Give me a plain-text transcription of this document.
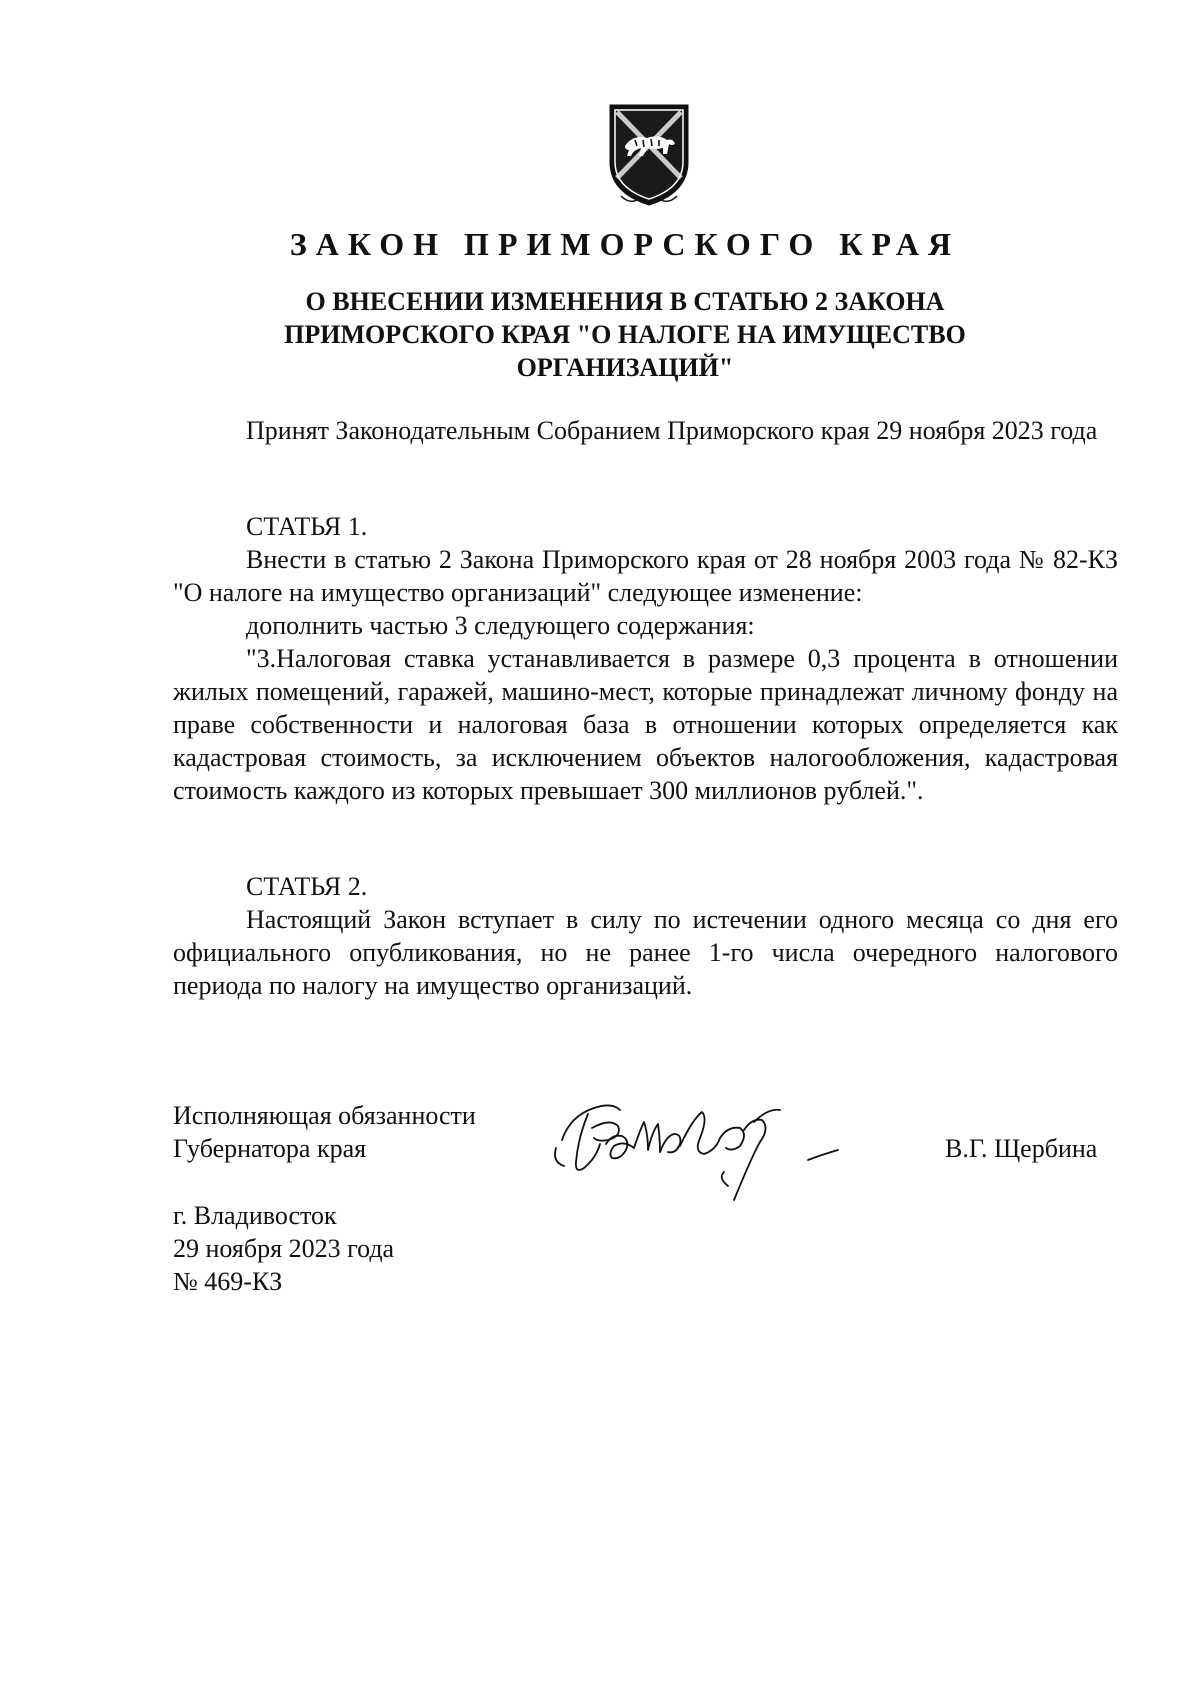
ЗАКОН ПРИМОРСКОГО КРАЯ
О ВНЕСЕНИИ ИЗМЕНЕНИЯ В СТАТЬЮ 2 ЗАКОНА ПРИМОРСКОГО КРАЯ "О НАЛОГЕ НА ИМУЩЕСТВО ОРГАНИЗАЦИЙ"

Принят Законодательным Собранием Приморского края 29 ноября 2023 года

СТАТЬЯ 1.

Внести в статью 2 Закона Приморского края от 28 ноября 2003 года № 82-КЗ "О налоге на имущество организаций" следующее изменение:

дополнить частью 3 следующего содержания:

"3.Налоговая ставка устанавливается в размере 0,3 процента в отношении жилых помещений, гаражей, машино-мест, которые принадлежат личному фонду на праве собственности и налоговая база в отношении которых определяется как кадастровая стоимость, за исключением объектов налогообложения, кадастровая стоимость каждого из которых превышает 300 миллионов рублей.".

СТАТЬЯ 2.

Настоящий Закон вступает в силу по истечении одного месяца со дня его официального опубликования, но не ранее 1-го числа очередного налогового периода по налогу на имущество организаций.

Исполняющая обязанности
Губернатора края	В.Г. Щербина
г. Владивосток
29 ноября 2023 года
№ 469-КЗ
